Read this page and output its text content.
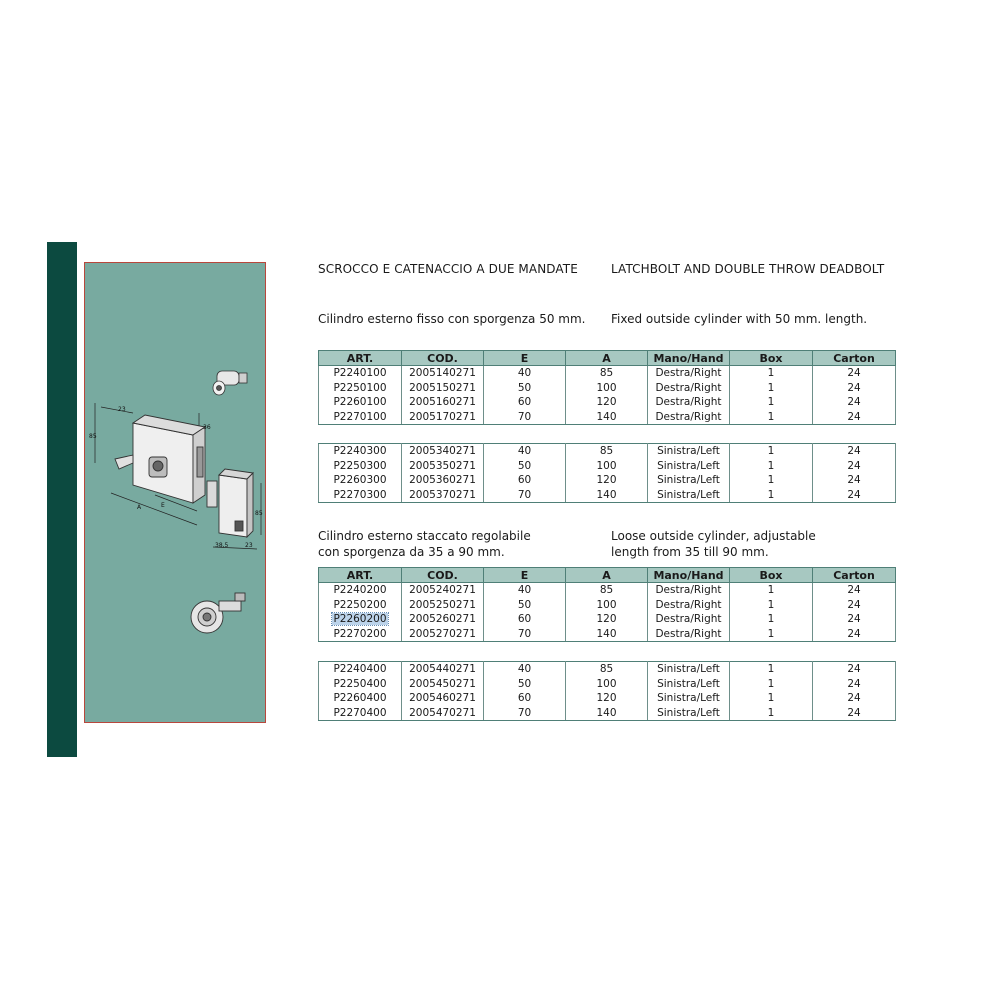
23
85
36
A	E
85
38,5	23
SCROCCO E CATENACCIO A DUE MANDATE	LATCHBOLT AND DOUBLE THROW DEADBOLT
Cilindro esterno fisso con sporgenza 50 mm. Fixed outside cylinder with 50 mm. length.
ART.	COD.	E	A	Mano/Hand	Box	Carton
P2240100	2005140271	40	85	Destra/Right	1	24
P2250100	2005150271	50	100	Destra/Right	1	24
P2260100	2005160271	60	120	Destra/Right	1	24
P2270100	2005170271	70	140	Destra/Right	1	24
P2240300	2005340271	40	85	Sinistra/Left	1	24
P2250300	2005350271	50	100	Sinistra/Left	1	24
P2260300	2005360271	60	120	Sinistra/Left	1	24
P2270300	2005370271	70	140	Sinistra/Left	1	24
Cilindro esterno staccato regolabile
con sporgenza da 35 a 90 mm.
Loose outside cylinder, adjustable
length from 35 till 90 mm.
ART.	COD.	E	A	Mano/Hand	Box	Carton
P2240200	2005240271	40	85	Destra/Right	1	24
P2250200	2005250271	50	100	Destra/Right	1	24
P2260200	2005260271	60	120	Destra/Right	1	24
P2270200	2005270271	70	140	Destra/Right	1	24
P2240400	2005440271	40	85	Sinistra/Left	1	24
P2250400	2005450271	50	100	Sinistra/Left	1	24
P2260400	2005460271	60	120	Sinistra/Left	1	24
P2270400	2005470271	70	140	Sinistra/Left	1	24
